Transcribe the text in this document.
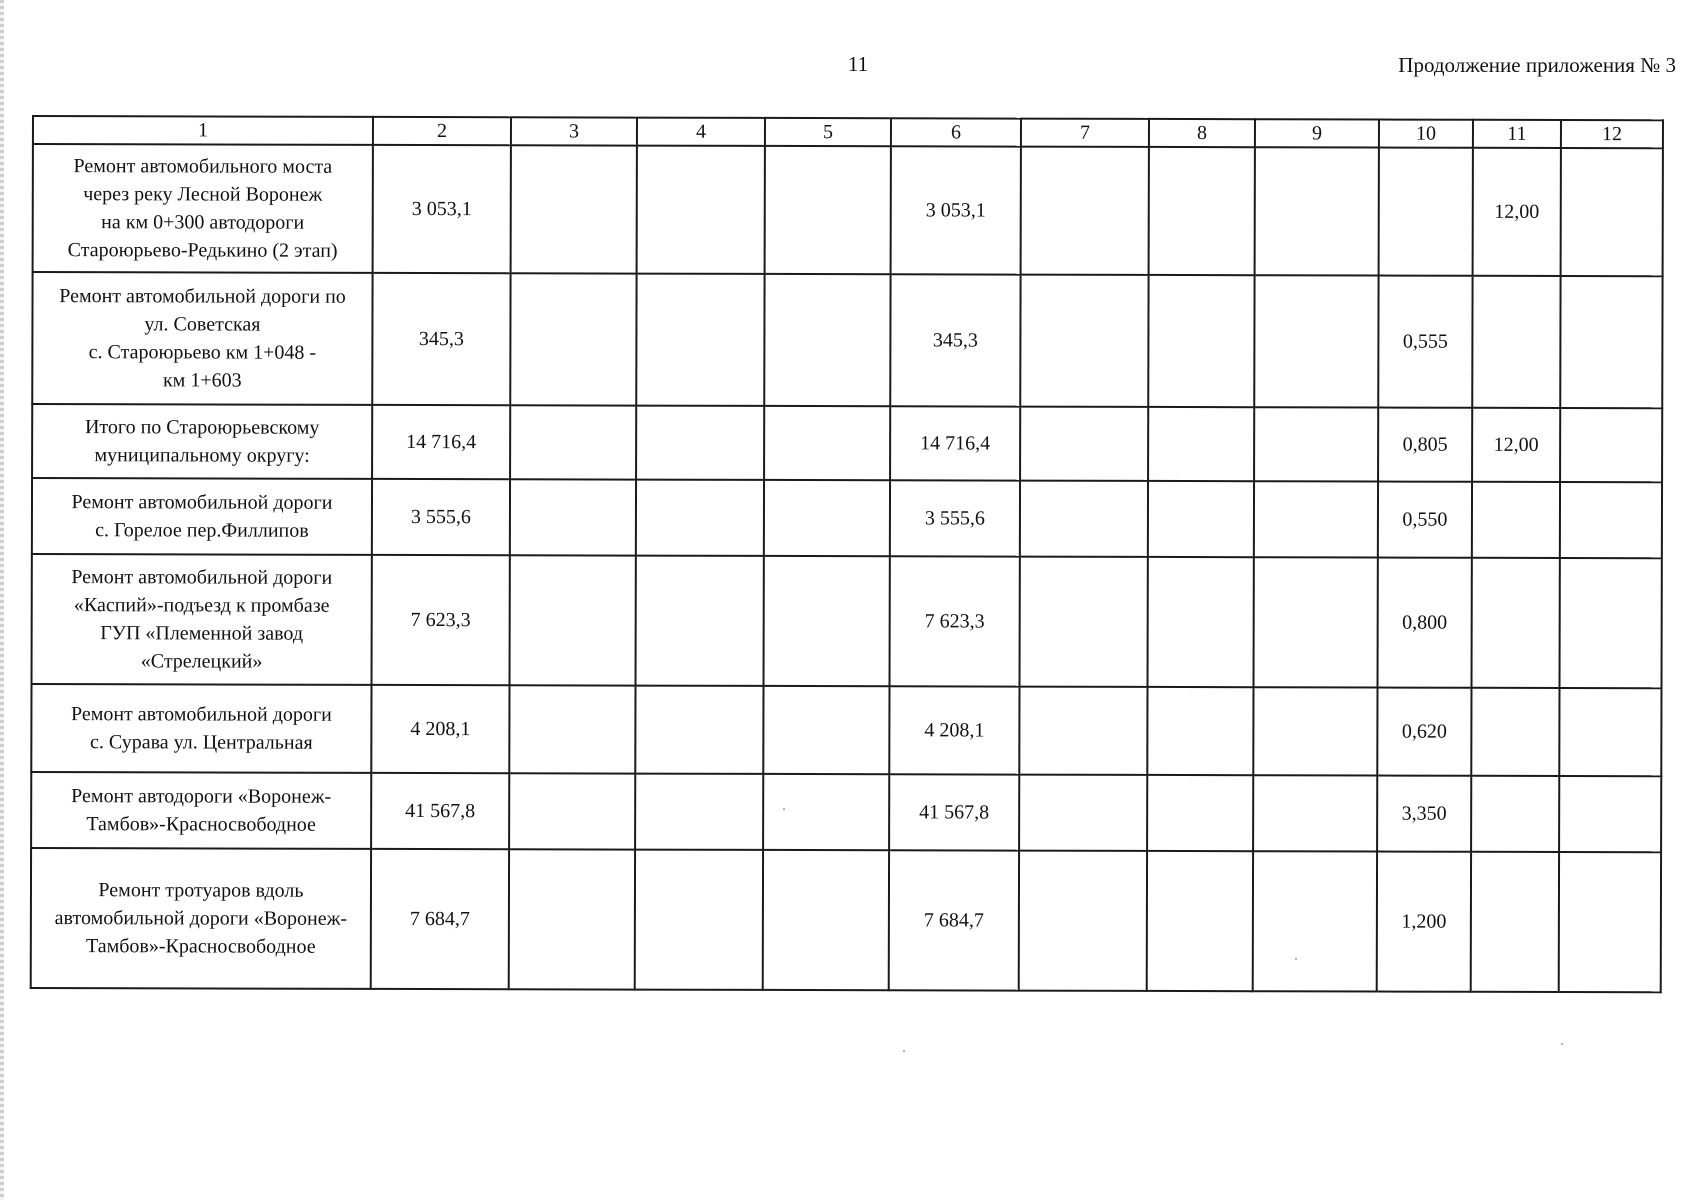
11	Продолжение приложения № 3
1	2	3	4	5	6	7	8	9	10	11	12

Ремонт автомобильного моста
через реку Лесной Воронеж
на км 0+300 автодороги
Староюрьево-Редькино (2 этап)	3 053,1				3 053,1					12,00	

Ремонт автомобильной дороги по
ул. Советская
с. Староюрьево км 1+048 -
км 1+603	345,3				345,3				0,555		

Итого по Староюрьевскому
муниципальному округу:	14 716,4				14 716,4				0,805	12,00	

Ремонт автомобильной дороги
с. Горелое пер.Филлипов	3 555,6				3 555,6				0,550		

Ремонт автомобильной дороги
«Каспий»-подъезд к промбазе
ГУП «Племенной завод
«Стрелецкий»	7 623,3				7 623,3				0,800		

Ремонт автомобильной дороги
с. Сурава ул. Центральная	4 208,1				4 208,1				0,620		

Ремонт автодороги «Воронеж-
Тамбов»-Красносвободное	41 567,8				41 567,8				3,350		

Ремонт тротуаров вдоль
автомобильной дороги «Воронеж-
Тамбов»-Красносвободное	7 684,7				7 684,7				1,200		
